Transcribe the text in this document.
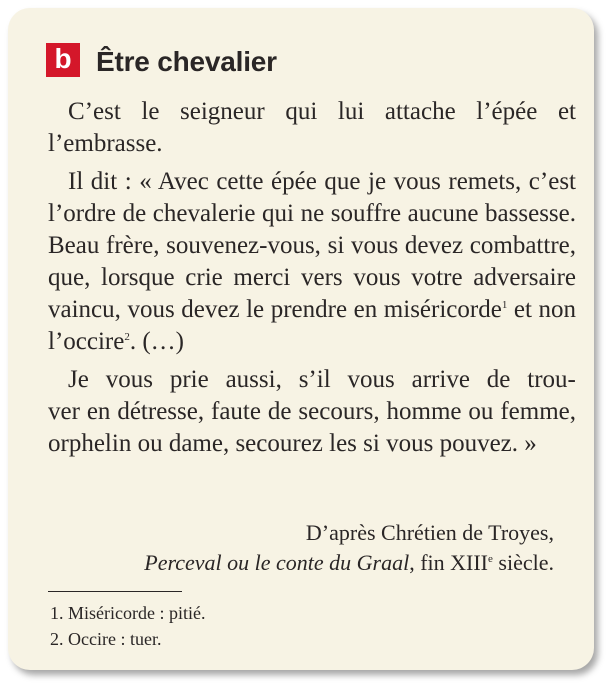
b Être chevalier

C’est le seigneur qui lui attache l’épée et l’embrasse.

Il dit : « Avec cette épée que je vous remets, c’est l’ordre de chevalerie qui ne souffre aucune bassesse. Beau frère, souvenez-vous, si vous devez combattre, que, lorsque crie merci vers vous votre adversaire vaincu, vous devez le prendre en miséricorde$^1$ et non l’occire$^2$. (…)

Je vous prie aussi, s’il vous arrive de trou-
ver en détresse, faute de secours, homme ou femme, orphelin ou dame, secourez les si vous pouvez. »
D’après Chrétien de Troyes,
Perceval ou le conte du Graal, fin XIIIe siècle.
1. Miséricorde : pitié.
2. Occire : tuer.
